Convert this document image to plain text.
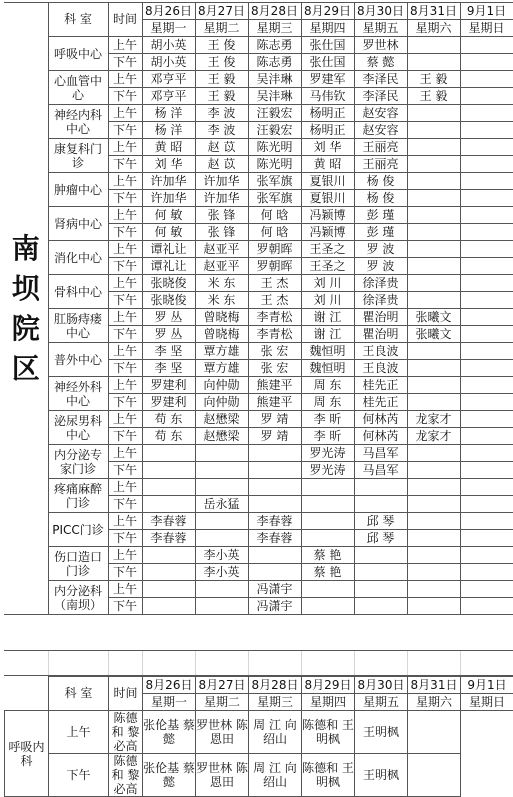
南坝院区	科 室	时间	8月26日	8月27日	8月28日	8月29日	8月30日	8月31日	9月1日
			星期一	星期二	星期三	星期四	星期五	星期六	星期日
	呼吸中心	上午	胡小英	王 俊	陈志勇	张仕国	罗世林		
		下午	胡小英	王 俊	陈志勇	张仕国	蔡 懿		
	心血管中心	上午	邓亨平	王 毅	吴沣琳	罗建军	李泽民	王 毅	
		下午	邓亨平	王 毅	吴沣琳	马伟钦	李泽民	王 毅	
	神经内科中心	上午	杨 洋	李 波	汪毅宏	杨明正	赵安容		
		下午	杨 洋	李 波	汪毅宏	杨明正	赵安容		
	康复科门诊	上午	黄 昭	赵 苡	陈光明	刘 华	王丽亮		
		下午	刘 华	赵 苡	陈光明	黄 昭	王丽亮		
	肿瘤中心	上午	许加华	许加华	张军旗	夏银川	杨 俊		
		下午	许加华	许加华	张军旗	夏银川	杨 俊		
	肾病中心	上午	何 敏	张 锋	何 晗	冯颖博	彭 瑾		
		下午	何 敏	张 锋	何 晗	冯颖博	彭 瑾		
	消化中心	上午	谭礼让	赵亚平	罗朝晖	王圣之	罗 波		
		下午	谭礼让	赵亚平	罗朝晖	王圣之	罗 波		
	骨科中心	上午	张晓俊	米 东	王 杰	刘 川	徐泽贵		
		下午	张晓俊	米 东	王 杰	刘 川	徐泽贵		
	肛肠痔瘘中心	上午	罗 丛	曾晓梅	李青松	谢 江	瞿治明	张曦文	
		下午	罗 丛	曾晓梅	李青松	谢 江	瞿治明	张曦文	
	普外中心	上午	李 坚	覃方雄	张 宏	魏恒明	王良波		
		下午	李 坚	覃方雄	张 宏	魏恒明	王良波		
	神经外科中心	上午	罗建利	向仲勋	熊建平	周 东	桂先正		
		下午	罗建利	向仲勋	熊建平	周 东	桂先正		
	泌尿男科中心	上午	苟 东	赵懋梁	罗 靖	李 昕	何林芮	龙家才	
		下午	苟 东	赵懋梁	罗 靖	李 昕	何林芮	龙家才	
	内分泌专家门诊	上午				罗光涛	马昌军		
		下午				罗光涛	马昌军		
	疼痛麻醉门诊	上午							
		下午		岳永猛					
	PICC门诊	上午	李春蓉		李春蓉		邱 琴		
		下午	李春蓉		李春蓉		邱 琴		
	伤口造口门诊	上午		李小英		蔡 艳			
		下午		李小英		蔡 艳			
	内分泌科（南坝）	上午			冯潇宇				
		下午			冯潇宇				
	科 室	时间	8月26日	8月27日	8月28日	8月29日	8月30日	8月31日	9月1日
			星期一	星期二	星期三	星期四	星期五	星期六	星期日
呼吸内科	上午	陈德和 黎必高	张伦基 蔡 懿	罗世林 陈恩田	周 江 向绍山	陈德和 王明枫	王明枫		
	下午	陈德和 黎必高	张伦基 蔡 懿	罗世林 陈恩田	周 江 向绍山	陈德和 王明枫	王明枫		
